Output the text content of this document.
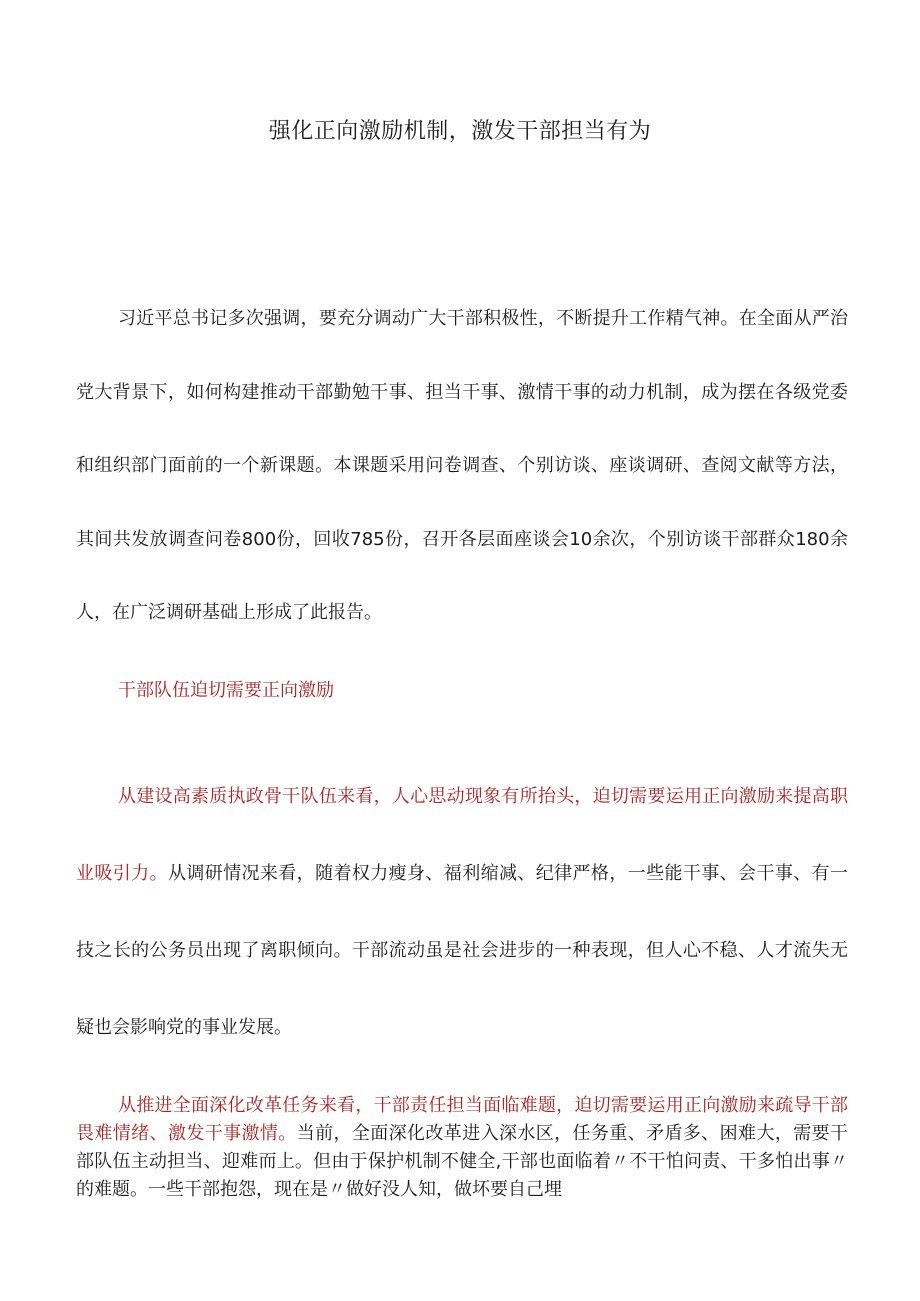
强化正向激励机制，激发干部担当有为

习近平总书记多次强调，要充分调动广大干部积极性，不断提升工作精气神。在全面从严治党大背景下，如何构建推动干部勤勉干事、担当干事、激情干事的动力机制，成为摆在各级党委和组织部门面前的一个新课题。本课题采用问卷调查、个别访谈、座谈调研、查阅文献等方法，其间共发放调查问卷800份，回收785份，召开各层面座谈会10余次，个别访谈干部群众180余人，在广泛调研基础上形成了此报告。

干部队伍迫切需要正向激励

从建设高素质执政骨干队伍来看，人心思动现象有所抬头，迫切需要运用正向激励来提高职业吸引力。从调研情况来看，随着权力瘦身、福利缩减、纪律严格，一些能干事、会干事、有一技之长的公务员出现了离职倾向。干部流动虽是社会进步的一种表现，但人心不稳、人才流失无疑也会影响党的事业发展。

从推进全面深化改革任务来看，干部责任担当面临难题，迫切需要运用正向激励来疏导干部畏难情绪、激发干事激情。当前，全面深化改革进入深水区，任务重、矛盾多、困难大，需要干部队伍主动担当、迎难而上。但由于保护机制不健全,干部也面临着〃不干怕问责、干多怕出事〃的难题。一些干部抱怨，现在是〃做好没人知，做坏要自己埋
